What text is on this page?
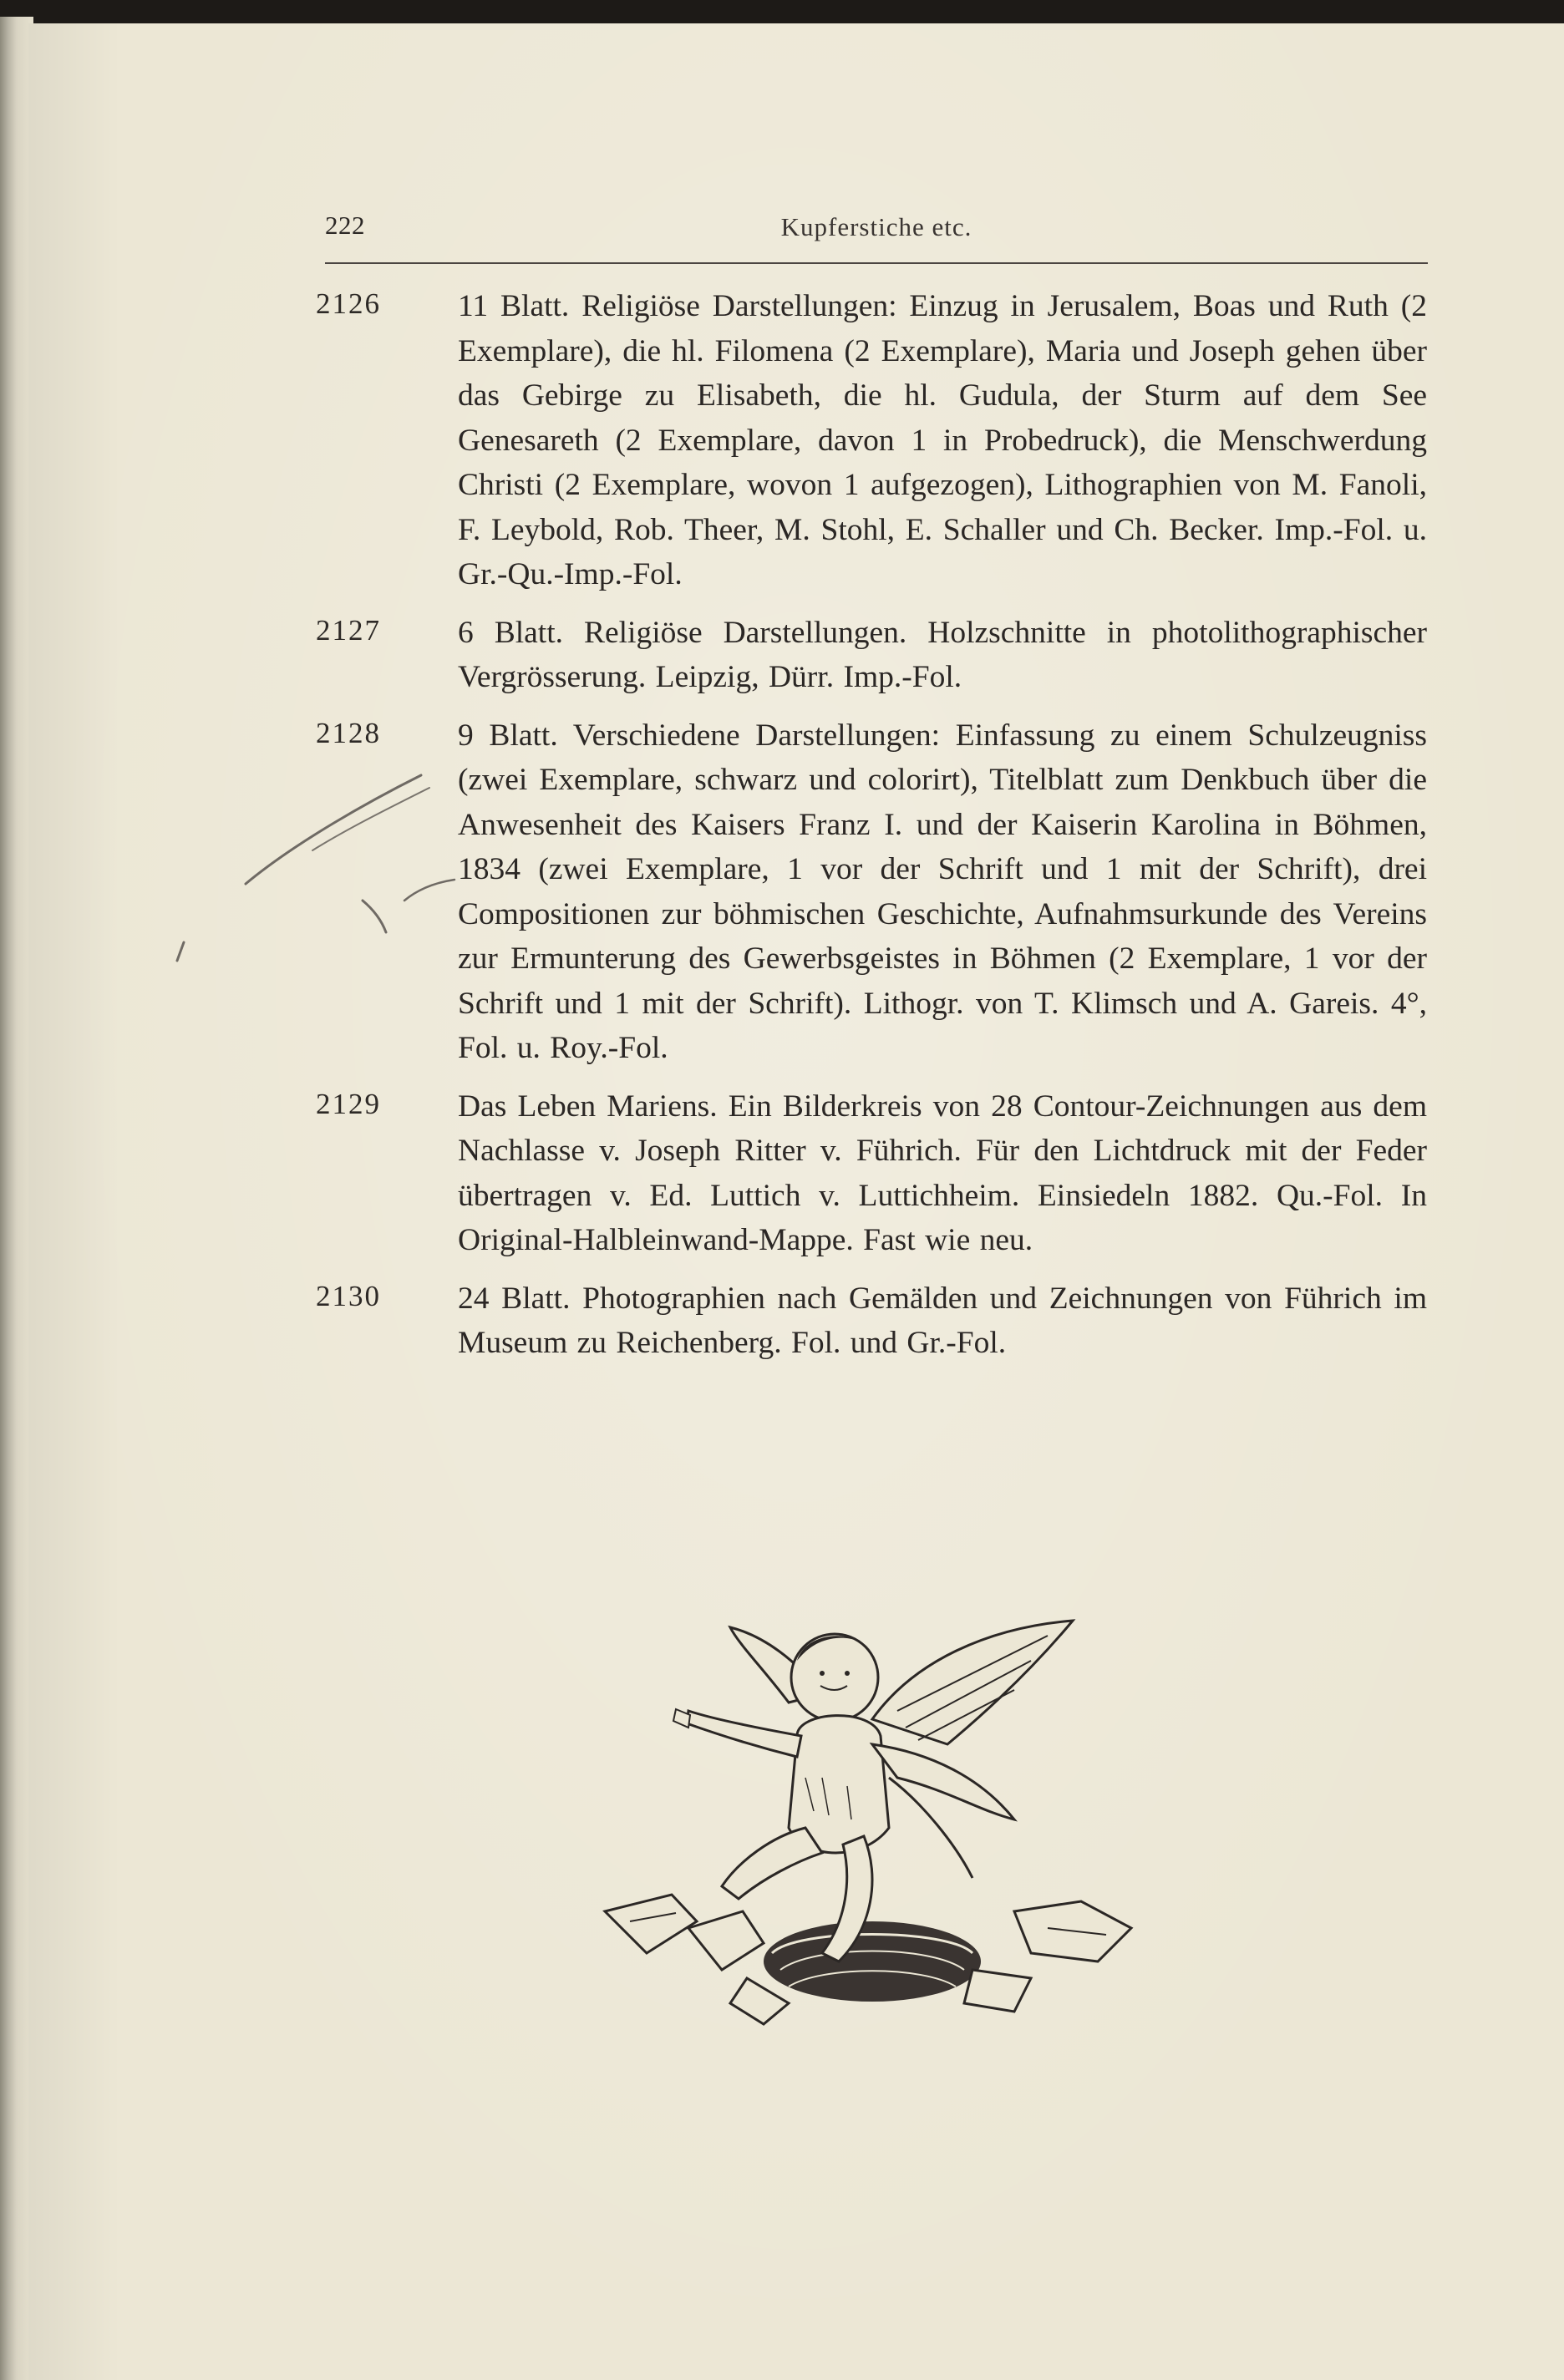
222	Kupferstiche etc.
2126	11 Blatt. Religiöse Darstellungen: Einzug in Jerusalem, Boas und Ruth (2 Exemplare), die hl. Filomena (2 Exemplare), Maria und Joseph gehen über das Gebirge zu Elisabeth, die hl. Gudula, der Sturm auf dem See Genesareth (2 Exemplare, davon 1 in Probedruck), die Menschwerdung Christi (2 Exemplare, wovon 1 aufgezogen), Lithographien von M. Fanoli, F. Leybold, Rob. Theer, M. Stohl, E. Schaller und Ch. Becker. Imp.-Fol. u. Gr.-Qu.-Imp.-Fol.
2127	6 Blatt. Religiöse Darstellungen. Holzschnitte in photolithographischer Vergrösserung. Leipzig, Dürr. Imp.-Fol.
2128	9 Blatt. Verschiedene Darstellungen: Einfassung zu einem Schulzeugniss (zwei Exemplare, schwarz und colorirt), Titelblatt zum Denkbuch über die Anwesenheit des Kaisers Franz I. und der Kaiserin Karolina in Böhmen, 1834 (zwei Exemplare, 1 vor der Schrift und 1 mit der Schrift), drei Compositionen zur böhmischen Geschichte, Aufnahmsurkunde des Vereins zur Ermunterung des Gewerbsgeistes in Böhmen (2 Exemplare, 1 vor der Schrift und 1 mit der Schrift). Lithogr. von T. Klimsch und A. Gareis. 4°, Fol. u. Roy.-Fol.
2129	Das Leben Mariens. Ein Bilderkreis von 28 Contour-Zeichnungen aus dem Nachlasse v. Joseph Ritter v. Führich. Für den Lichtdruck mit der Feder übertragen v. Ed. Luttich v. Luttichheim. Einsiedeln 1882. Qu.-Fol. In Original-Halbleinwand-Mappe. Fast wie neu.
2130	24 Blatt. Photographien nach Gemälden und Zeichnungen von Führich im Museum zu Reichenberg. Fol. und Gr.-Fol.
